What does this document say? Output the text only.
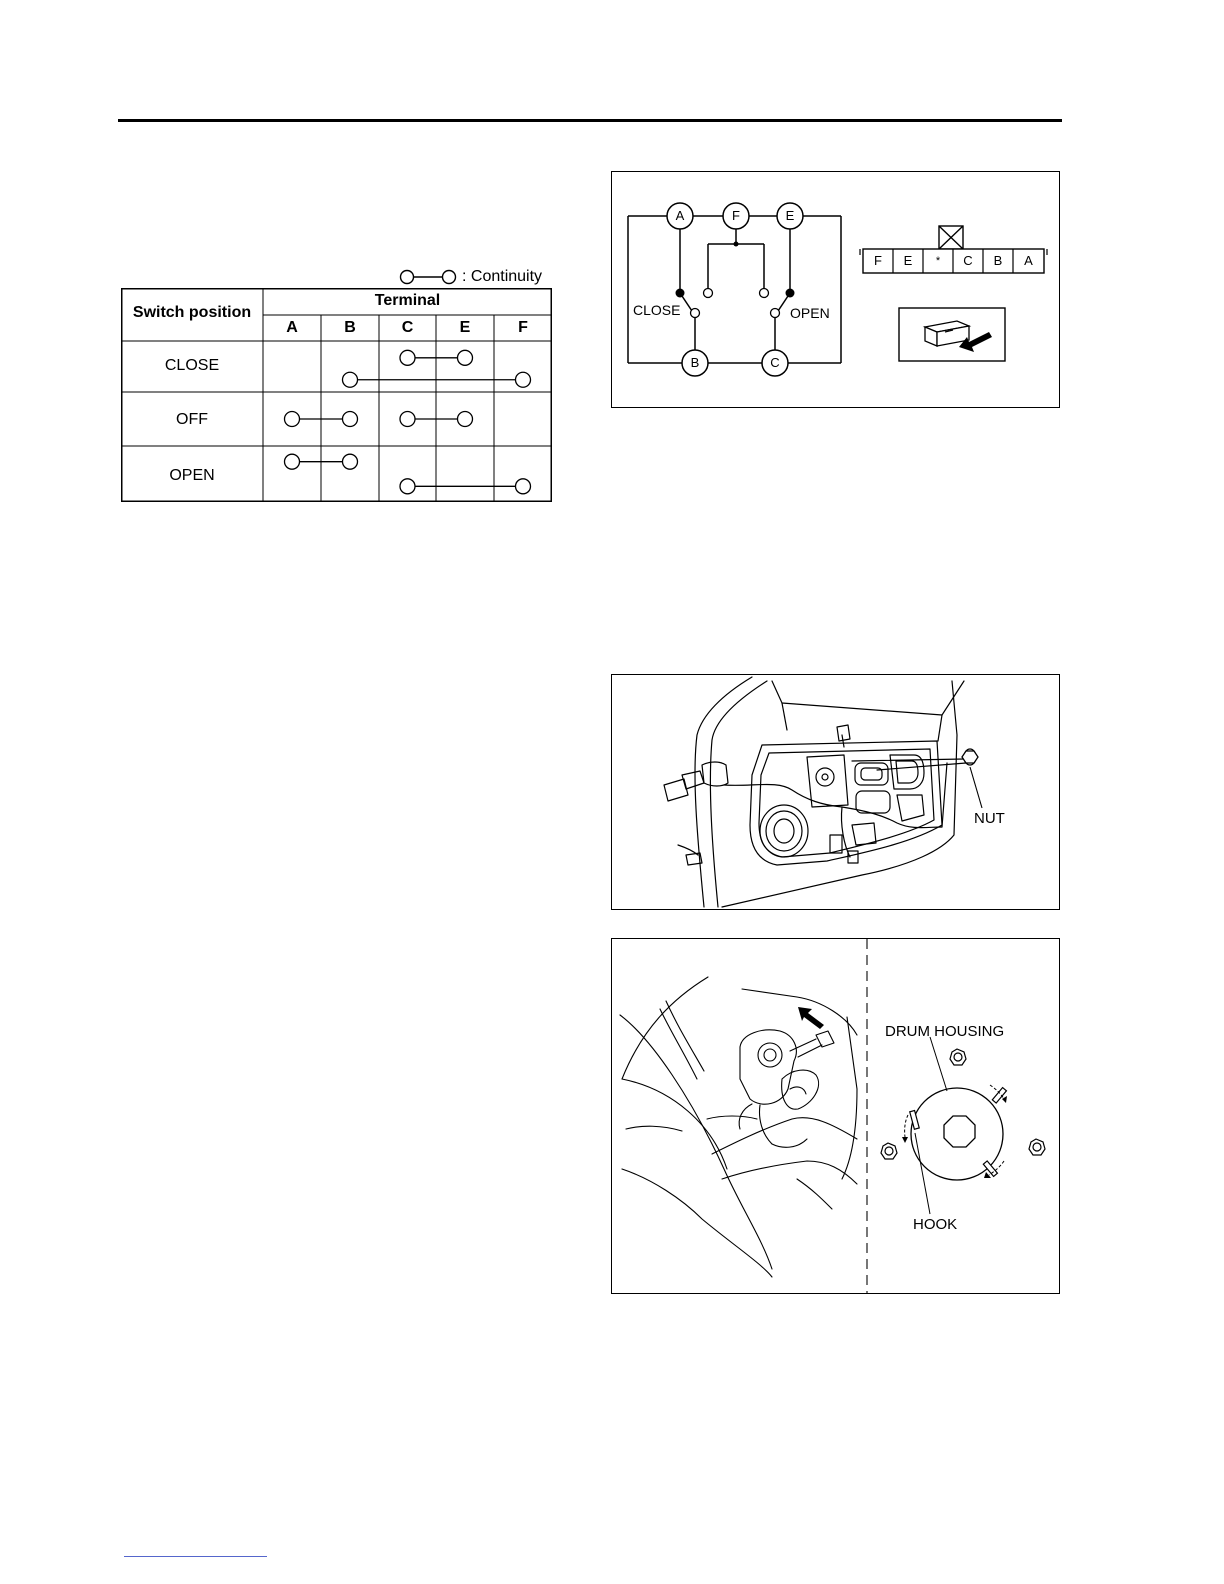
: Continuity
Switch position
Terminal
A	B	C	E	F
CLOSE
OFF
OPEN
A	F	E
B	C
CLOSE	OPEN
F	E	*	C	B	A
NUT
DRUM HOUSING
HOOK
